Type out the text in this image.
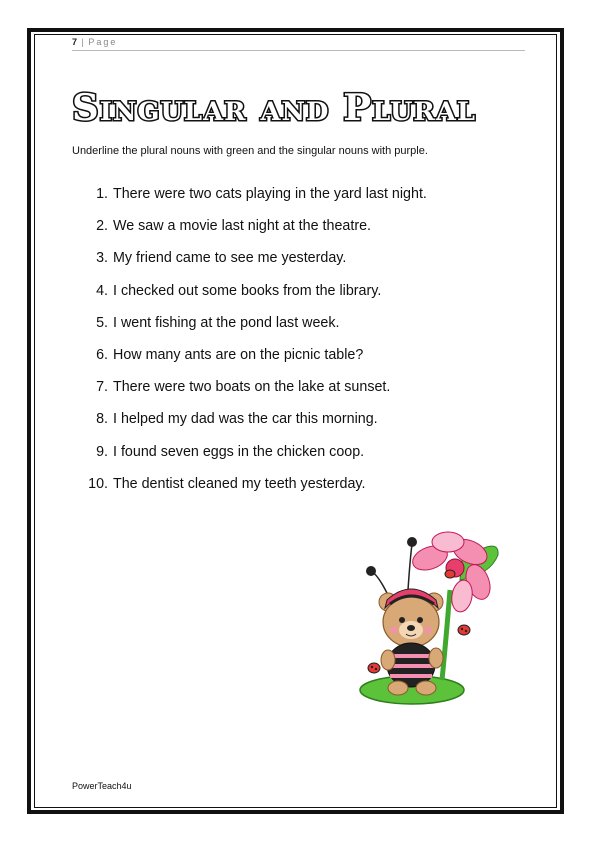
7 | Page
Singular and Plural
Underline the plural nouns with green and the singular nouns with purple.
1. There were two cats playing in the yard last night.
2. We saw a movie last night at the theatre.
3. My friend came to see me yesterday.
4. I checked out some books from the library.
5. I went fishing at the pond last week.
6. How many ants are on the picnic table?
7. There were two boats on the lake at sunset.
8. I helped my dad was the car this morning.
9. I found seven eggs in the chicken coop.
10. The dentist cleaned my teeth yesterday.
PowerTeach4u
